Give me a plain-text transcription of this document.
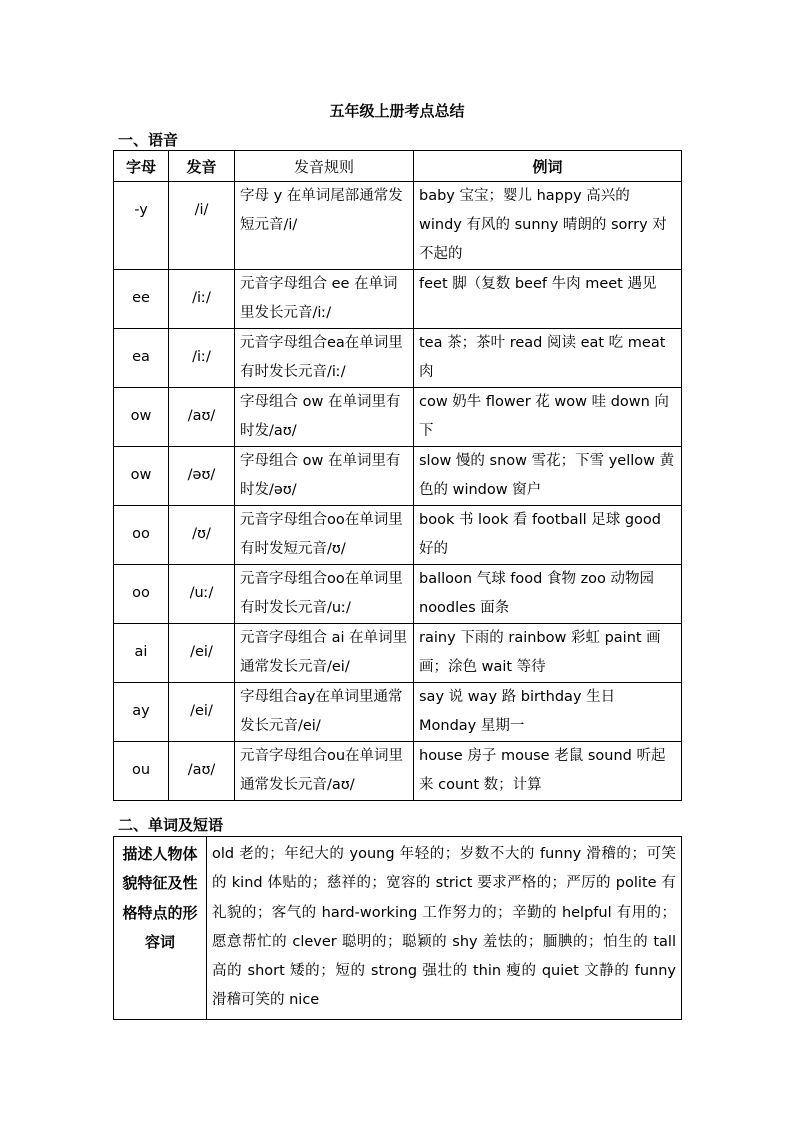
五年级上册考点总结
一、语音
字母	发音	发音规则	例词

-y	/i/	字母 y 在单词尾部通常发短元音/i/	baby 宝宝；婴儿 happy 高兴的 windy 有风的 sunny 晴朗的 sorry 对不起的

ee	/iː/	元音字母组合 ee 在单词里发长元音/iː/	feet 脚（复数 beef 牛肉 meet 遇见

ea	/iː/	元音字母组合ea在单词里有时发长元音/iː/	tea 茶；茶叶 read 阅读 eat 吃 meat 肉

ow	/aʊ/	字母组合 ow 在单词里有时发/aʊ/	cow 奶牛 flower 花 wow 哇 down 向下

ow	/əʊ/	字母组合 ow 在单词里有时发/əʊ/	slow 慢的 snow 雪花；下雪 yellow 黄色的 window 窗户

oo	/ʊ/	元音字母组合oo在单词里有时发短元音/ʊ/	book 书 look 看 football 足球 good 好的

oo	/uː/	元音字母组合oo在单词里有时发长元音/uː/	balloon 气球 food 食物 zoo 动物园 noodles 面条

ai	/ei/	元音字母组合 ai 在单词里通常发长元音/ei/	rainy 下雨的 rainbow 彩虹 paint 画画；涂色 wait 等待

ay	/ei/	字母组合ay在单词里通常发长元音/ei/	say 说 way 路 birthday 生日 Monday 星期一

ou	/aʊ/	元音字母组合ou在单词里通常发长元音/aʊ/	house 房子 mouse 老鼠 sound 听起来 count 数；计算
二、单词及短语
描述人物体貌特征及性格特点的形容词	old 老的；年纪大的 young 年轻的；岁数不大的 funny 滑稽的；可笑的 kind 体贴的；慈祥的；宽容的 strict 要求严格的；严厉的 polite 有礼貌的；客气的 hard-working 工作努力的；辛勤的 helpful 有用的；愿意帮忙的 clever 聪明的；聪颖的 shy 羞怯的；腼腆的；怕生的 tall 高的 short 矮的；短的 strong 强壮的 thin 瘦的 quiet 文静的 funny 滑稽可笑的 nice
